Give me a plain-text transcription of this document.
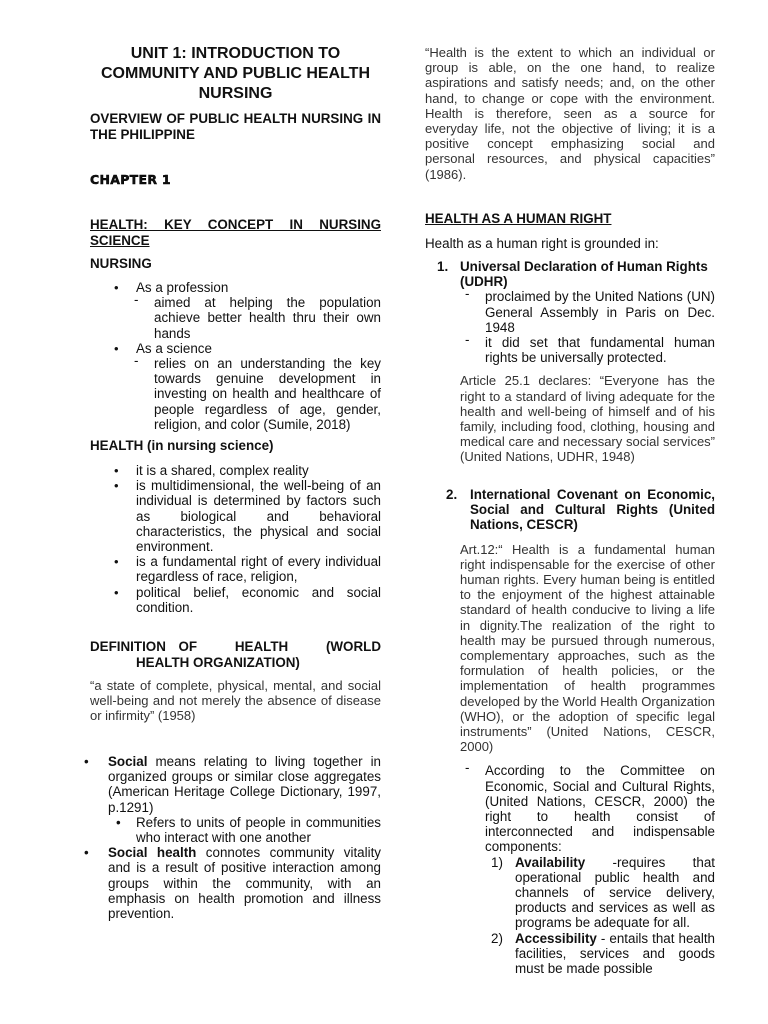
UNIT 1: INTRODUCTION TO COMMUNITY AND PUBLIC HEALTH NURSING
OVERVIEW OF PUBLIC HEALTH NURSING IN THE PHILIPPINE
CHAPTER 1
HEALTH: KEY CONCEPT IN NURSING SCIENCE
NURSING
• As a profession
- aimed at helping the population achieve better health thru their own hands
• As a science
- relies on an understanding the key towards genuine development in investing on health and healthcare of people regardless of age, gender, religion, and color (Sumile, 2018)
HEALTH (in nursing science)
• it is a shared, complex reality
• is multidimensional, the well-being of an individual is determined by factors such as biological and behavioral characteristics, the physical and social environment.
• is a fundamental right of every individual regardless of race, religion,
• political belief, economic and social condition.
DEFINITION OF   HEALTH   (WORLD
HEALTH ORGANIZATION)
“a state of complete, physical, mental, and social well-being and not merely the absence of disease or infirmity” (1958)
• Social means relating to living together in organized groups or similar close aggregates (American Heritage College Dictionary, 1997, p.1291)
• Refers to units of people in communities who interact with one another
• Social health connotes community vitality and is a result of positive interaction among groups within the community, with an emphasis on health promotion and illness prevention.
“Health is the extent to which an individual or
group is able, on the one hand, to realize
aspirations and satisfy needs; and, on the other
hand, to change or cope with the environment.
Health is therefore, seen as a source for
everyday life, not the objective of living; it is a
positive concept emphasizing social and
personal resources, and physical capacities”
(1986).
HEALTH AS A HUMAN RIGHT
Health as a human right is grounded in:
1. Universal Declaration of Human Rights (UDHR)
- proclaimed by the United Nations (UN) General Assembly in Paris on Dec. 1948
- it did set that fundamental human rights be universally protected.
Article 25.1 declares: “Everyone has the right to a standard of living adequate for the health and well-being of himself and of his family, including food, clothing, housing and medical care and necessary social services” (United Nations, UDHR, 1948)
2. International Covenant on Economic, Social and Cultural Rights (United Nations, CESCR)
Art.12:“ Health is a fundamental human right indispensable for the exercise of other human rights. Every human being is entitled to the enjoyment of the highest attainable standard of health conducive to living a life in dignity.The realization of the right to health may be pursued through numerous, complementary approaches, such as the formulation of health policies, or the implementation of health programmes developed by the World Health Organization (WHO), or the adoption of specific legal instruments” (United Nations, CESCR, 2000)
- According to the Committee on Economic, Social and Cultural Rights, (United Nations, CESCR, 2000) the right to health consist of interconnected and indispensable components:
1) Availability -requires that operational public health and channels of service delivery, products and services as well as programs be adequate for all.
2) Accessibility - entails that health facilities, services and goods must be made possible
